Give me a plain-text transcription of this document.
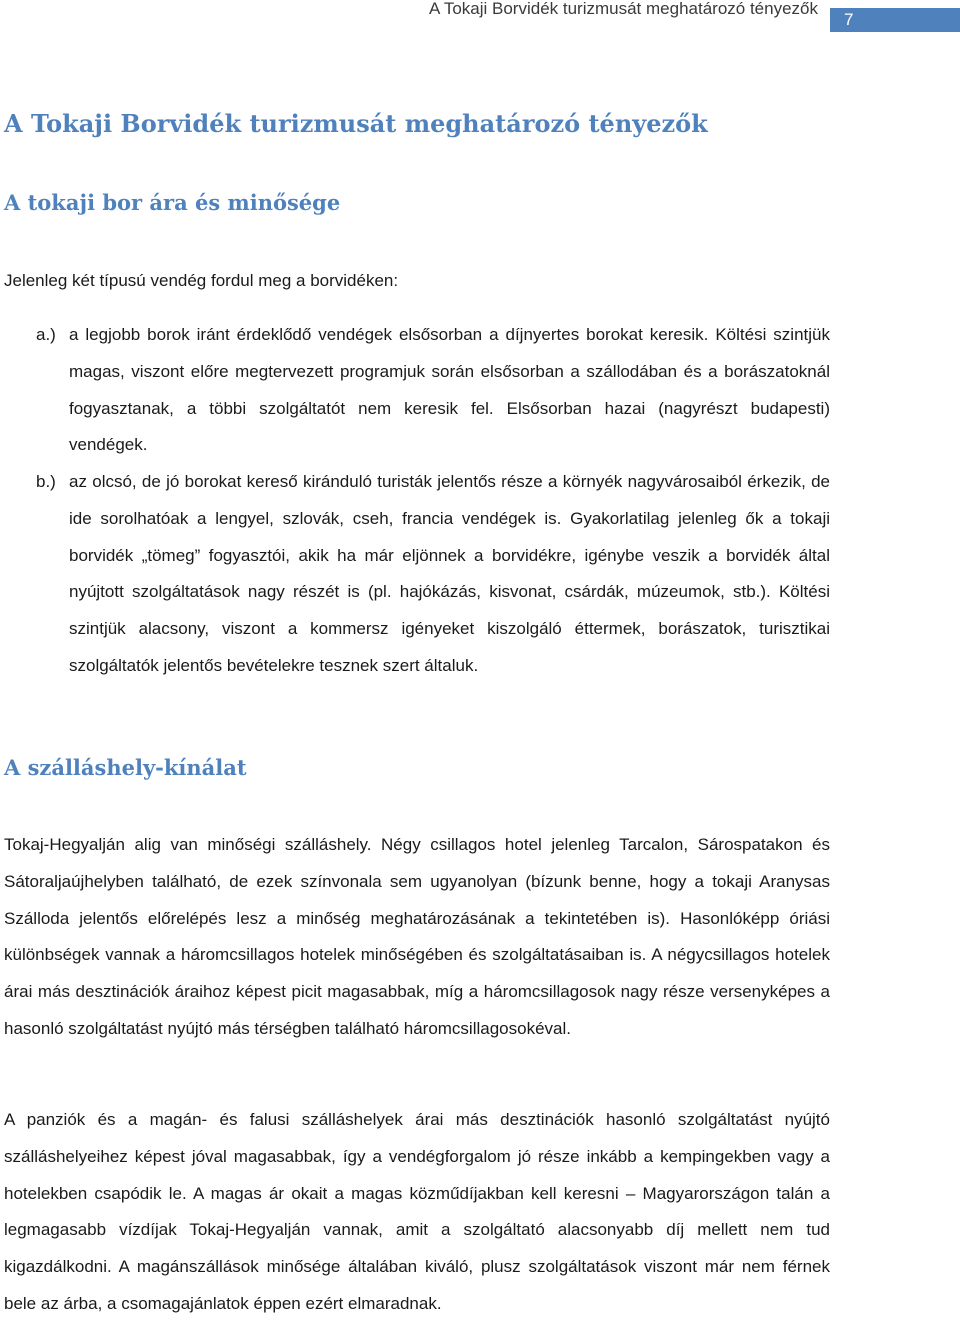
A Tokaji Borvidék turizmusát meghatározó tényezők
7
A Tokaji Borvidék turizmusát meghatározó tényezők
A tokaji bor ára és minősége
Jelenleg két típusú vendég fordul meg a borvidéken:
a.) a legjobb borok iránt érdeklődő vendégek elsősorban a díjnyertes borokat keresik. Költési szintjük magas, viszont előre megtervezett programjuk során elsősorban a szállodában és a borászatoknál fogyasztanak, a többi szolgáltatót nem keresik fel. Elsősorban hazai (nagyrészt budapesti) vendégek.
b.) az olcsó, de jó borokat kereső kiránduló turisták jelentős része a környék nagyvárosaiból érkezik, de ide sorolhatóak a lengyel, szlovák, cseh, francia vendégek is. Gyakorlatilag jelenleg ők a tokaji borvidék „tömeg” fogyasztói, akik ha már eljönnek a borvidékre, igénybe veszik a borvidék által nyújtott szolgáltatások nagy részét is (pl. hajókázás, kisvonat, csárdák, múzeumok, stb.). Költési szintjük alacsony, viszont a kommersz igényeket kiszolgáló éttermek, borászatok, turisztikai szolgáltatók jelentős bevételekre tesznek szert általuk.
A szálláshely-kínálat
Tokaj-Hegyalján alig van minőségi szálláshely. Négy csillagos hotel jelenleg Tarcalon, Sárospatakon és Sátoraljaújhelyben található, de ezek színvonala sem ugyanolyan (bízunk benne, hogy a tokaji Aranysas Szálloda jelentős előrelépés lesz a minőség meghatározásának a tekintetében is). Hasonlóképp óriási különbségek vannak a háromcsillagos hotelek minőségében és szolgáltatásaiban is. A négycsillagos hotelek árai más desztinációk áraihoz képest picit magasabbak, míg a háromcsillagosok nagy része versenyképes a hasonló szolgáltatást nyújtó más térségben található háromcsillagosokéval.
A panziók és a magán- és falusi szálláshelyek árai más desztinációk hasonló szolgáltatást nyújtó szálláshelyeihez képest jóval magasabbak, így a vendégforgalom jó része inkább a kempingekben vagy a hotelekben csapódik le. A magas ár okait a magas közműdíjakban kell keresni – Magyarországon talán a legmagasabb vízdíjak Tokaj-Hegyalján vannak, amit a szolgáltató alacsonyabb díj mellett nem tud kigazdálkodni. A magánszállások minősége általában kiváló, plusz szolgáltatások viszont már nem férnek bele az árba, a csomagajánlatok éppen ezért elmaradnak.
